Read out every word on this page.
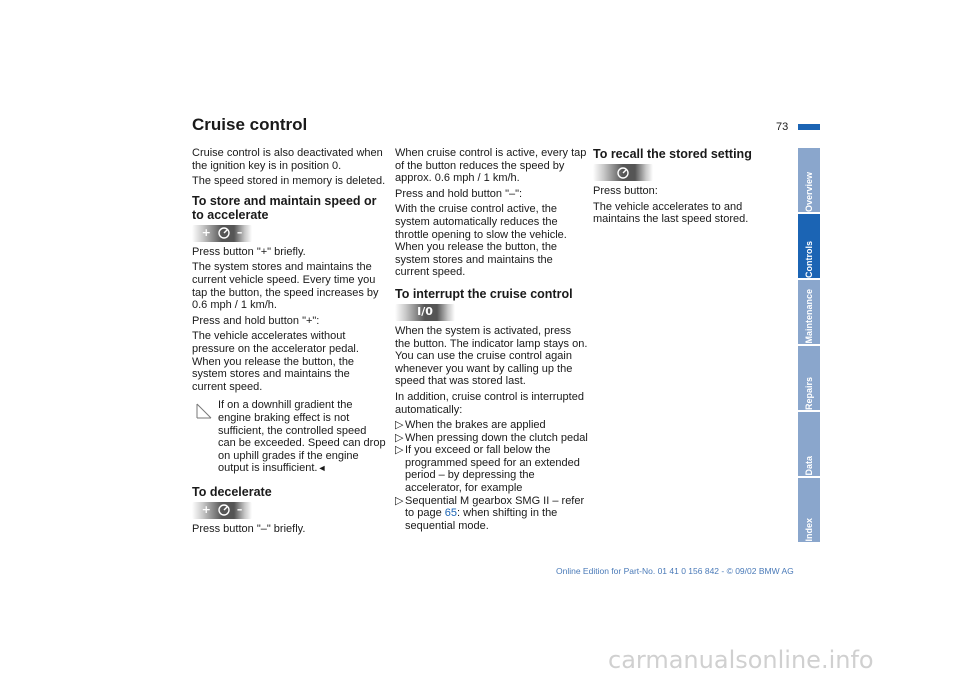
Cruise control	73

Cruise control is also deactivated when the ignition key is in position 0.

The speed stored in memory is deleted.

To store and maintain speed or to accelerate
+ –

Press button "+" briefly.

The system stores and maintains the current vehicle speed. Every time you tap the button, the speed increases by 0.6 mph / 1 km/h.

Press and hold button "+":

The vehicle accelerates without pressure on the accelerator pedal. When you release the button, the system stores and maintains the current speed.

If on a downhill gradient the engine braking effect is not sufficient, the controlled speed can be exceeded. Speed can drop on uphill grades if the engine output is insufficient.◄

To decelerate
+ –

Press button "–" briefly.

When cruise control is active, every tap of the button reduces the speed by approx. 0.6 mph / 1 km/h.

Press and hold button "–":

With the cruise control active, the system automatically reduces the throttle opening to slow the vehicle. When you release the button, the system stores and maintains the current speed.

To interrupt the cruise control
I/0

When the system is activated, press the button. The indicator lamp stays on. You can use the cruise control again whenever you want by calling up the speed that was stored last.

In addition, cruise control is interrupted automatically:

▷ When the brakes are applied
▷ When pressing down the clutch pedal
▷ If you exceed or fall below the programmed speed for an extended period – by depressing the accelerator, for example
▷ Sequential M gearbox SMG II – refer to page 65: when shifting in the sequential mode.
To recall the stored setting

Press button:

The vehicle accelerates to and maintains the last speed stored.

Overview
Controls
Maintenance
Repairs
Data
Index
Online Edition for Part-No. 01 41 0 156 842 - © 09/02 BMW AG
carmanualsonline.info
